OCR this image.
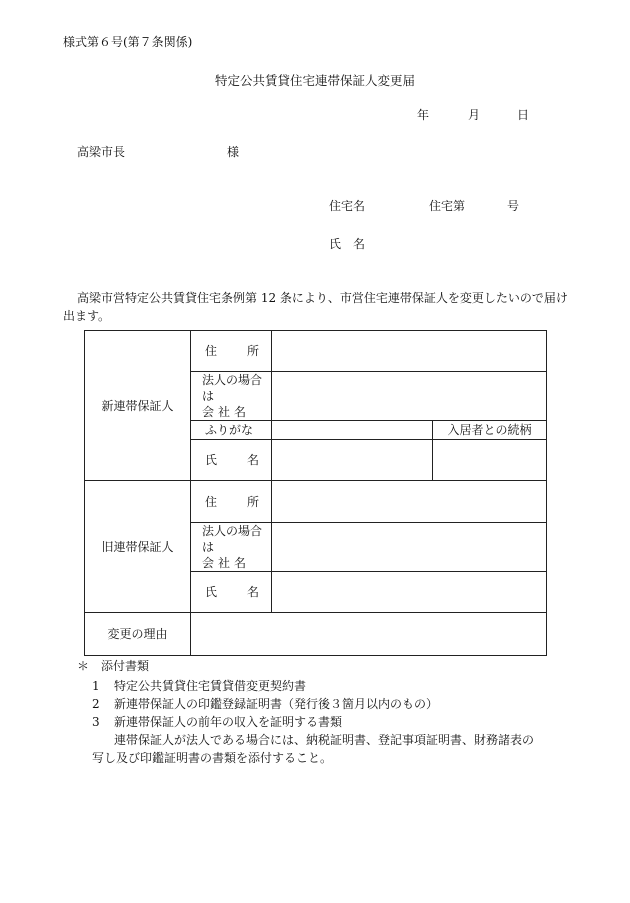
様式第６号(第７条関係)
特定公共賃貸住宅連帯保証人変更届
年	月	日
高梁市長	様
住宅名	住宅第	号
氏　名
高梁市営特定公共賃貸住宅条例第 12 条により、市営住宅連帯保証人を変更したいので届け出ます。
新連帯保証人	住所		

	法人の場合は
会社名		

	ふりがな		入居者との続柄
	氏名		
旧連帯保証人	住所		

	法人の場合は
会社名		

	氏名		
変更の理由			
＊　添付書類
1 特定公共賃貸住宅賃貸借変更契約書
2 新連帯保証人の印鑑登録証明書（発行後３箇月以内のもの）
3 新連帯保証人の前年の収入を証明する書類
連帯保証人が法人である場合には、納税証明書、登記事項証明書、財務諸表の
写し及び印鑑証明書の書類を添付すること。
